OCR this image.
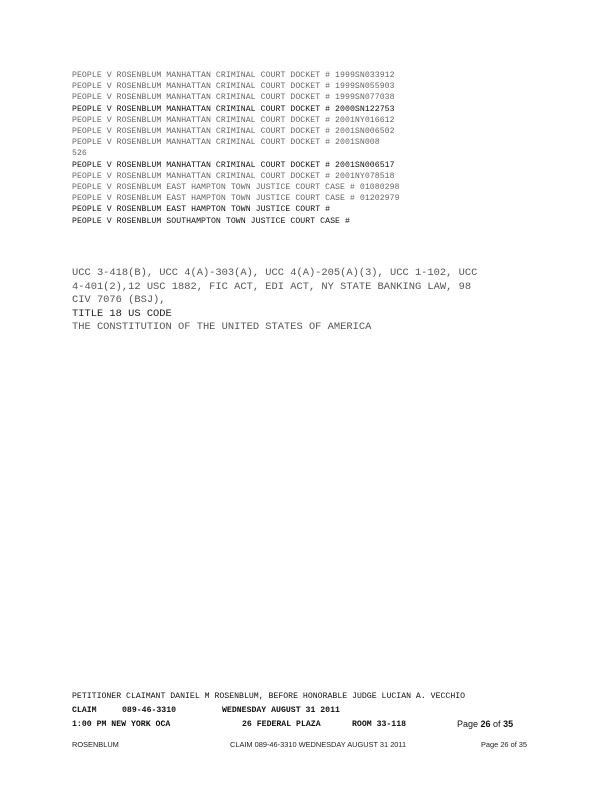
PEOPLE V ROSENBLUM MANHATTAN CRIMINAL COURT DOCKET # 1999SN033912
PEOPLE V ROSENBLUM MANHATTAN CRIMINAL COURT DOCKET # 1999SN055903
PEOPLE V ROSENBLUM MANHATTAN CRIMINAL COURT DOCKET # 1999SN077038
PEOPLE V ROSENBLUM MANHATTAN CRIMINAL COURT DOCKET # 2000SN122753
PEOPLE V ROSENBLUM MANHATTAN CRIMINAL COURT DOCKET # 2001NY016612
PEOPLE V ROSENBLUM MANHATTAN CRIMINAL COURT DOCKET # 2001SN006502
PEOPLE V ROSENBLUM MANHATTAN CRIMINAL COURT DOCKET # 2001SN008
526
PEOPLE V ROSENBLUM MANHATTAN CRIMINAL COURT DOCKET # 2001SN006517
PEOPLE V ROSENBLUM MANHATTAN CRIMINAL COURT DOCKET # 2001NY078518
PEOPLE V ROSENBLUM EAST HAMPTON TOWN JUSTICE COURT CASE # 01080298
PEOPLE V ROSENBLUM EAST HAMPTON TOWN JUSTICE COURT CASE # 01202979
PEOPLE V ROSENBLUM EAST HAMPTON TOWN JUSTICE COURT #
PEOPLE V ROSENBLUM SOUTHAMPTON TOWN JUSTICE COURT CASE #
UCC 3-418(B), UCC 4(A)-303(A), UCC 4(A)-205(A)(3), UCC 1-102, UCC
4-401(2),12 USC 1882, FIC ACT, EDI ACT, NY STATE BANKING LAW, 98
CIV 7076 (BSJ),
TITLE 18 US CODE
THE CONSTITUTION OF THE UNITED STATES OF AMERICA

PETITIONER CLAIMANT DANIEL M ROSENBLUM, BEFORE HONORABLE JUDGE LUCIAN A. VECCHIO

CLAIM

	089-46-3310

	WEDNESDAY AUGUST 31 2011

1:00 PM NEW YORK OCA

	26 FEDERAL PLAZA

	ROOM 33-118

	Page 26 of 35

ROSENBLUM	CLAIM 089-46-3310 WEDNESDAY AUGUST 31 2011	Page 26 of 35
